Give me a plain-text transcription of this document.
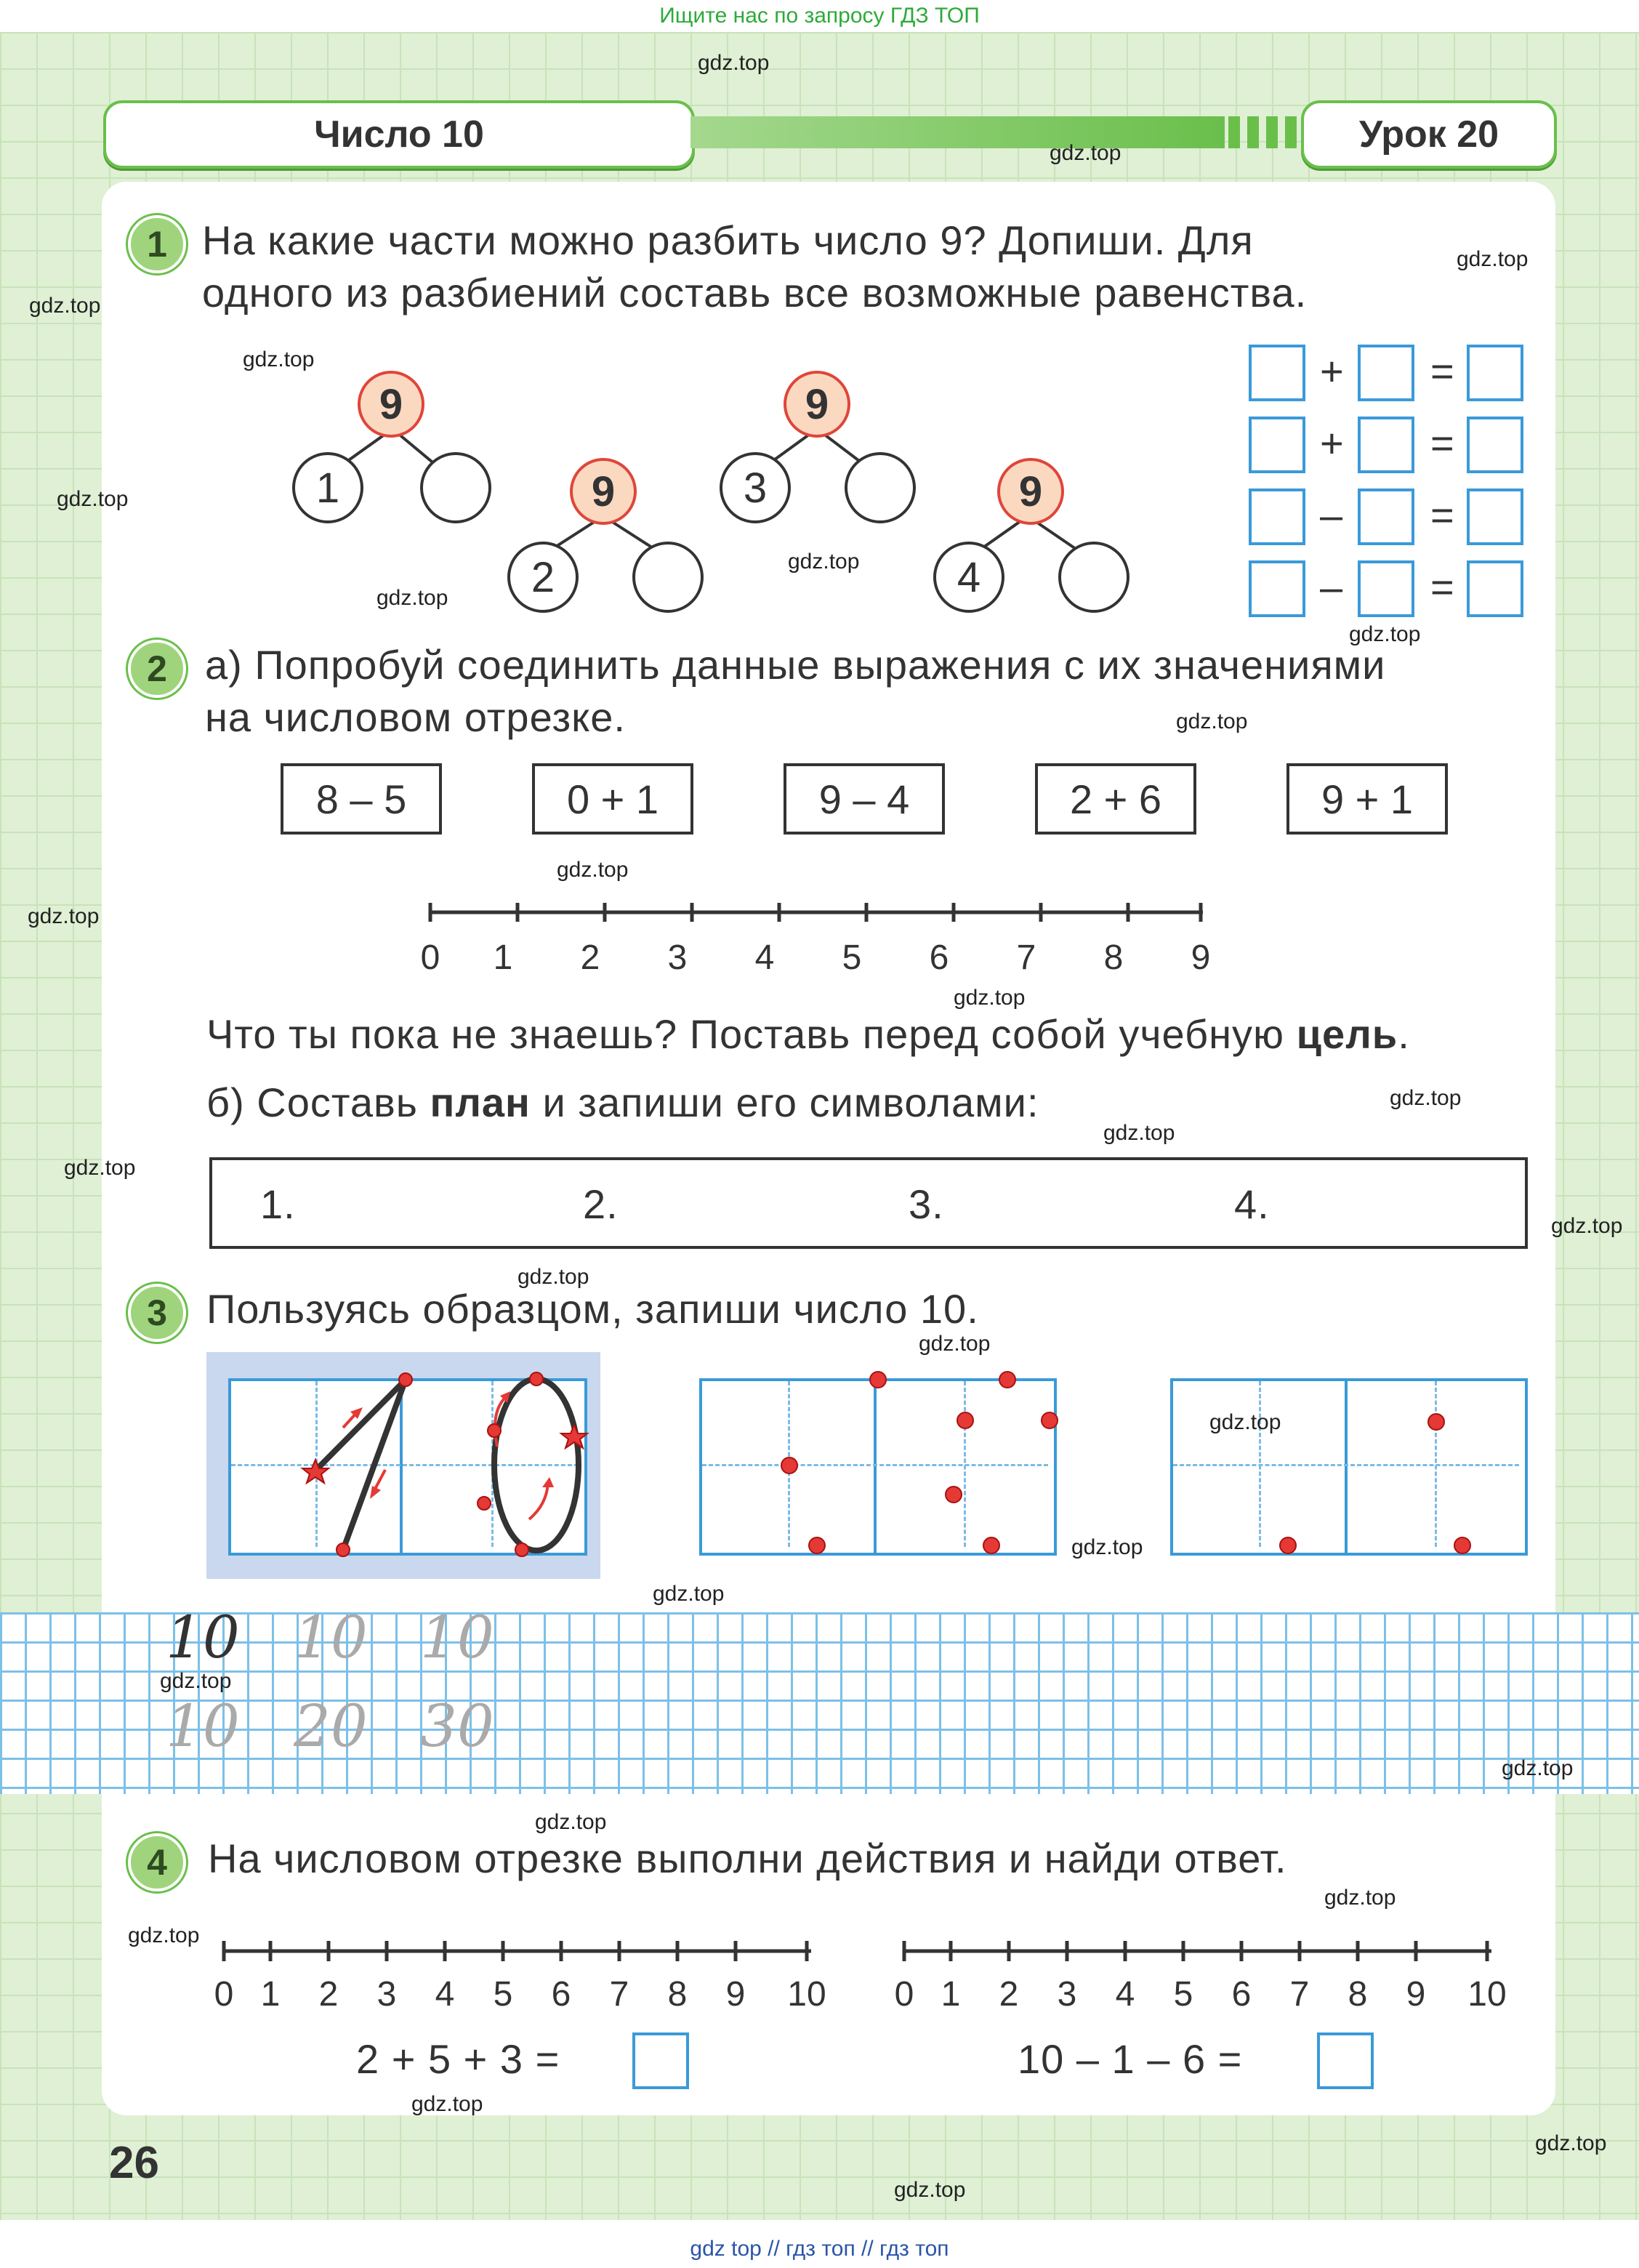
Ищите нас по запросу ГДЗ ТОП
Число 10	Урок 20
1 На какие части можно разбить число 9? Допиши. Для
одного из разбиений составь все возможные равенства.
9
1	9
2
9
3	9
4
+ =
+ =
– =
– =
2 а) Попробуй соединить данные выражения с их значениями
на числовом отрезке.
8 – 5	0 + 1	9 – 4	2 + 6	9 + 1
0	1	2	3	4	5	6	7	8	9
Что ты пока не знаешь? Поставь перед собой учебную цель.
б) Составь план и запиши его символами:
1.	2.	3.	4.
3 Пользуясь образцом, запиши число 10.
10 10 10
10 20 30
4 На числовом отрезке выполни действия и найди ответ.
0 1	2	3	4	5	6	7	8	9	10	0 1	2	3	4	5	6	7	8	9	10
2 + 5 + 3 =	10 – 1 – 6 =
26
gdz.top
gdz.top
gdz.top
gdz.top
gdz.top
gdz.top
gdz.top
gdz.top
gdz.top
gdz.top
gdz.top
gdz.top
gdz.top
gdz.top
gdz.top
gdz.top
gdz.top
gdz.top
gdz.top
gdz.top
gdz.top
gdz.top
gdz.top
gdz.top
gdz.top
gdz.top
gdz.top
gdz.top
gdz.top
gdz.top
gdz top // гдз топ // гдз топ
